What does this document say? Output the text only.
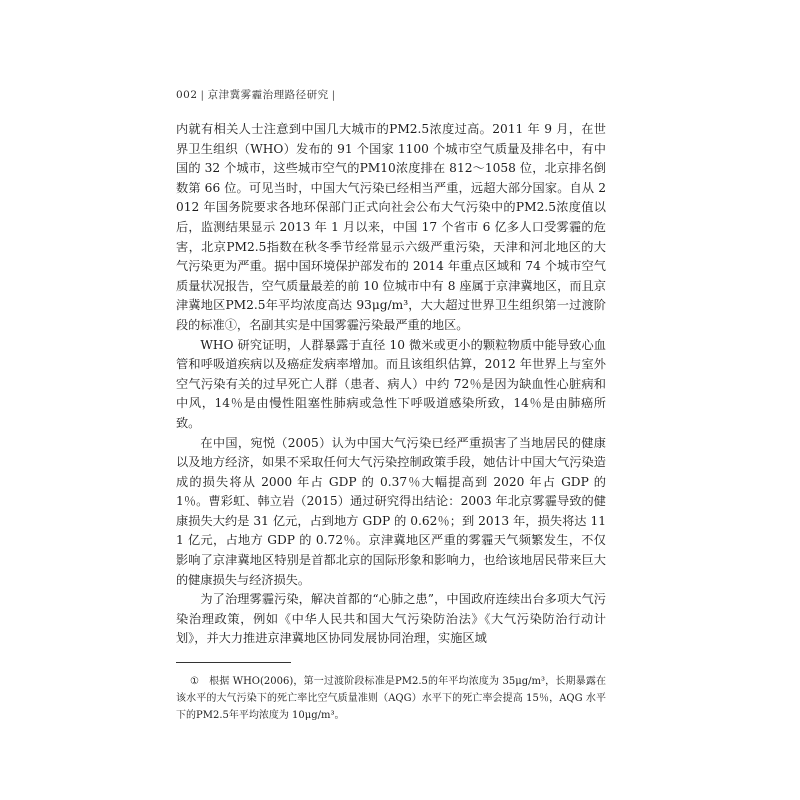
002 | 京津冀雾霾治理路径研究 |

内就有相关人士注意到中国几大城市的PM2.5浓度过高。2011 年 9 月，在世界卫生组织（WHO）发布的 91 个国家 1100 个城市空气质量及排名中，有中国的 32 个城市，这些城市空气的PM10浓度排在 812～1058 位，北京排名倒数第 66 位。可见当时，中国大气污染已经相当严重，远超大部分国家。自从 2012 年国务院要求各地环保部门正式向社会公布大气污染中的PM2.5浓度值以后，监测结果显示 2013 年 1 月以来，中国 17 个省市 6 亿多人口受雾霾的危害，北京PM2.5指数在秋冬季节经常显示六级严重污染，天津和河北地区的大气污染更为严重。据中国环境保护部发布的 2014 年重点区域和 74 个城市空气质量状况报告，空气质量最差的前 10 位城市中有 8 座属于京津冀地区，而且京津冀地区PM2.5年平均浓度高达 93μg/m³，大大超过世界卫生组织第一过渡阶段的标准①，名副其实是中国雾霾污染最严重的地区。

WHO 研究证明，人群暴露于直径 10 微米或更小的颗粒物质中能导致心血管和呼吸道疾病以及癌症发病率增加。而且该组织估算，2012 年世界上与室外空气污染有关的过早死亡人群（患者、病人）中约 72％是因为缺血性心脏病和中风，14％是由慢性阻塞性肺病或急性下呼吸道感染所致，14％是由肺癌所致。

在中国，宛悦（2005）认为中国大气污染已经严重损害了当地居民的健康以及地方经济，如果不采取任何大气污染控制政策手段，她估计中国大气污染造成的损失将从 2000 年占 GDP 的 0.37％大幅提高到 2020 年占 GDP 的 1％。曹彩虹、韩立岩（2015）通过研究得出结论：2003 年北京雾霾导致的健康损失大约是 31 亿元，占到地方 GDP 的 0.62％；到 2013 年，损失将达 111 亿元，占地方 GDP 的 0.72％。京津冀地区严重的雾霾天气频繁发生，不仅影响了京津冀地区特别是首都北京的国际形象和影响力，也给该地居民带来巨大的健康损失与经济损失。

为了治理雾霾污染，解决首都的“心肺之患”，中国政府连续出台多项大气污染治理政策，例如《中华人民共和国大气污染防治法》《大气污染防治行动计划》，并大力推进京津冀地区协同发展协同治理，实施区域

① 根据 WHO(2006)，第一过渡阶段标准是PM2.5的年平均浓度为 35μg/m³，长期暴露在该水平的大气污染下的死亡率比空气质量准则（AQG）水平下的死亡率会提高 15％，AQG 水平下的PM2.5年平均浓度为 10μg/m³。
